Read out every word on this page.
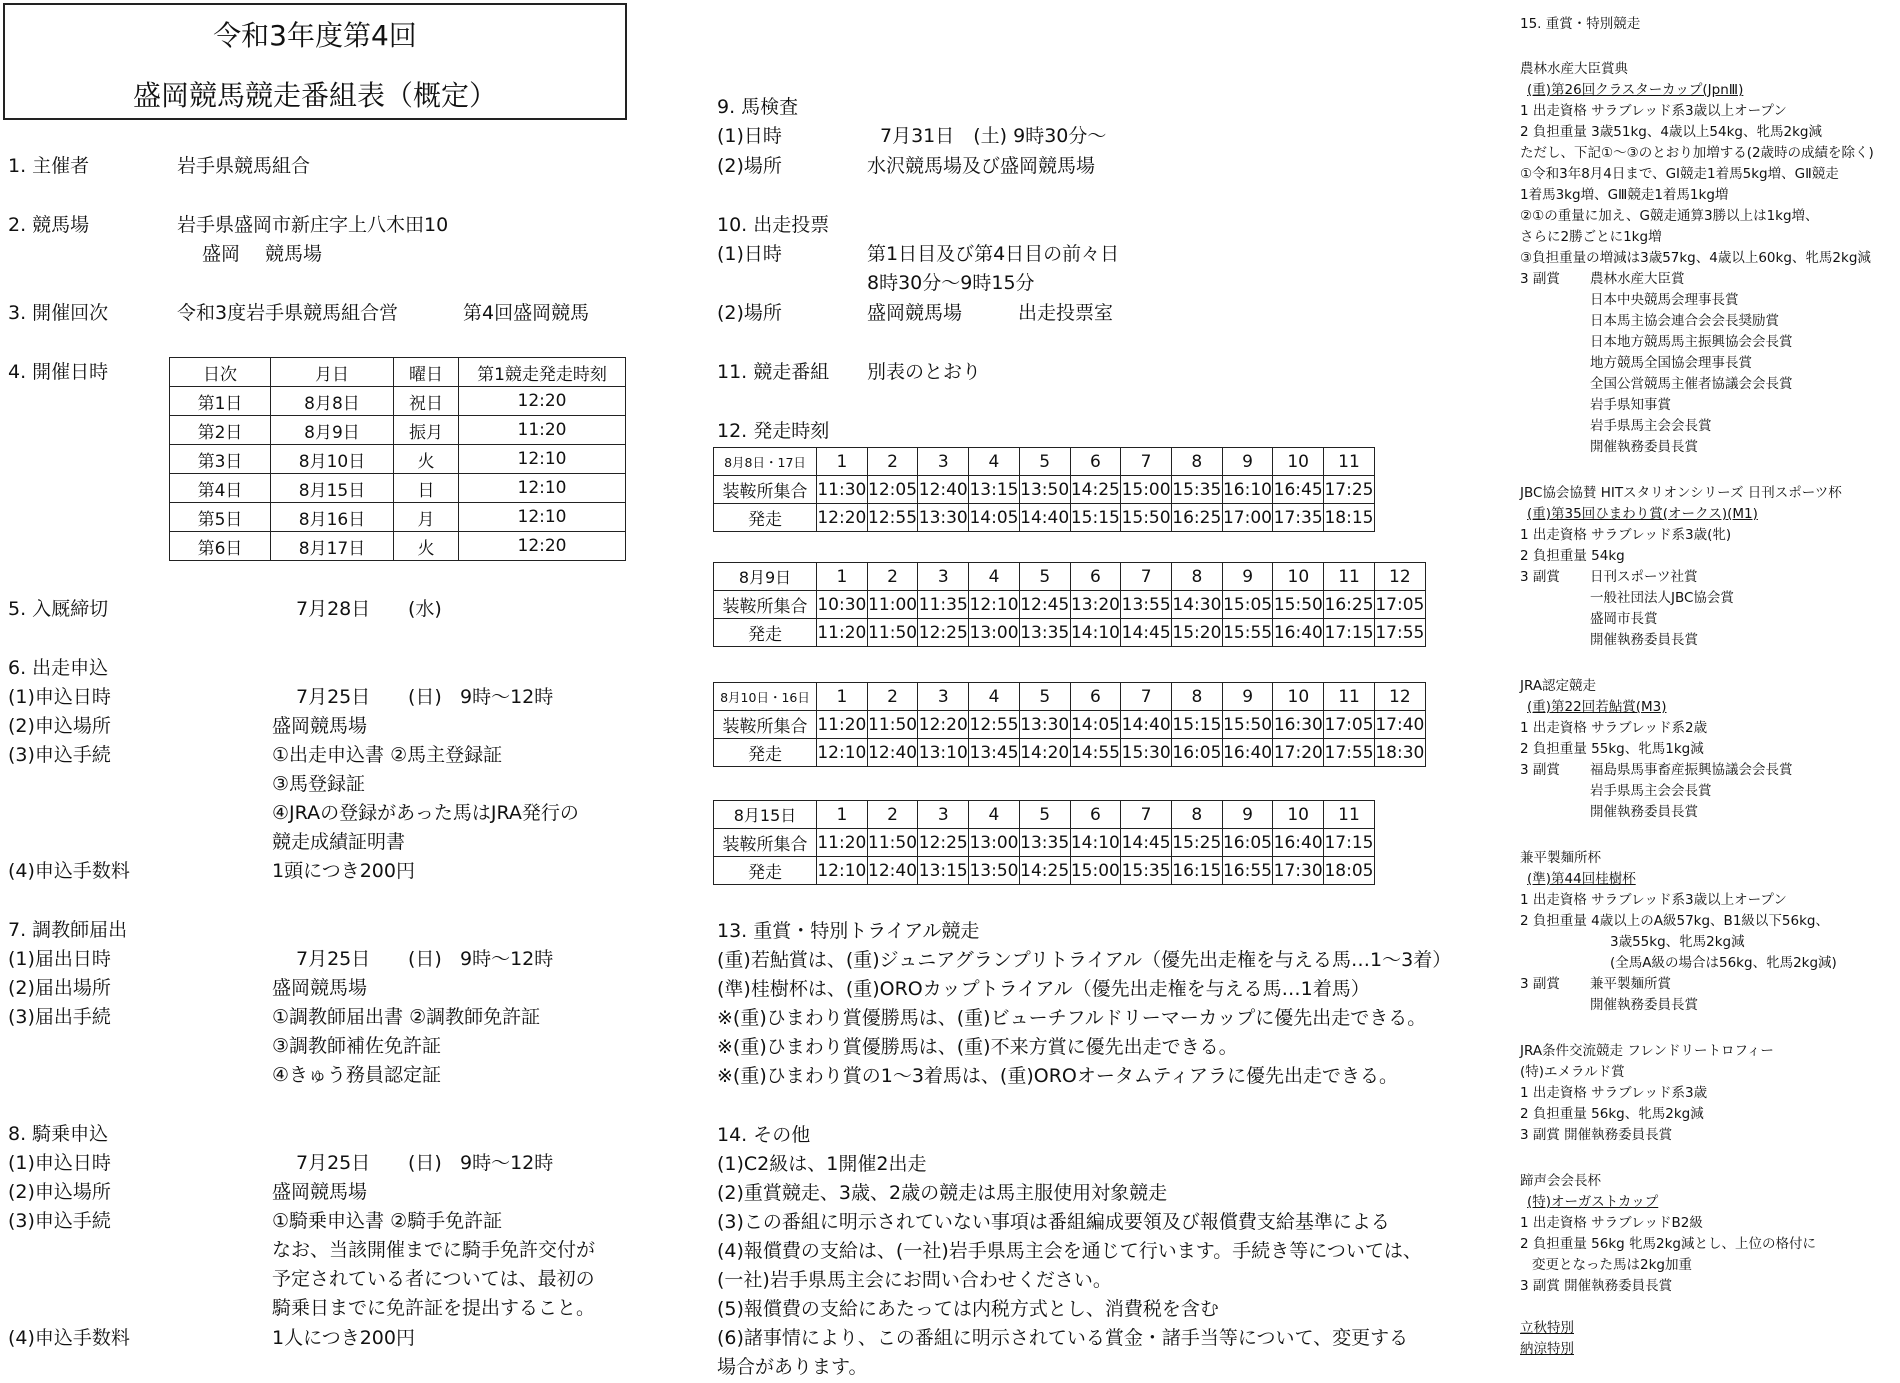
令和3年度第4回
盛岡競馬競走番組表（概定）
1. 主催者	岩手県競馬組合
2. 競馬場	岩手県盛岡市新庄字上八木田10
盛岡　 競馬場
3. 開催回次	令和3度岩手県競馬組合営	第4回盛岡競馬
4. 開催日時	日次	月日	曜日	第1競走発走時刻
第1日	8月8日	祝日	12:20
第2日	8月9日	振月	11:20
第3日	8月10日	火	12:10
第4日	8月15日	日	12:10
第5日	8月16日	月	12:10
第6日	8月17日	火	12:20
5. 入厩締切	7月28日 (水)
6. 出走申込
(1)申込日時	7月25日 (日) 9時～12時
(2)申込場所	盛岡競馬場
(3)申込手続	①出走申込書 ②馬主登録証
③馬登録証
④JRAの登録があった馬はJRA発行の
競走成績証明書
(4)申込手数料	1頭につき200円
7. 調教師届出
(1)届出日時	7月25日 (日) 9時～12時
(2)届出場所	盛岡競馬場
(3)届出手続	①調教師届出書 ②調教師免許証
③調教師補佐免許証
④きゅう務員認定証
8. 騎乗申込
(1)申込日時	7月25日 (日) 9時～12時
(2)申込場所	盛岡競馬場
(3)申込手続	①騎乗申込書 ②騎手免許証
なお、当該開催までに騎手免許交付が
予定されている者については、最初の
騎乗日までに免許証を提出すること。
(4)申込手数料	1人につき200円
9. 馬検査
(1)日時	7月31日　(土) 9時30分～
(2)場所	水沢競馬場及び盛岡競馬場
10. 出走投票
(1)日時	第1日目及び第4日目の前々日
8時30分～9時15分
(2)場所	盛岡競馬場	出走投票室
11. 競走番組 別表のとおり
12. 発走時刻
8月8日・17日	1	2	3	4	5	6	7	8	9	10	11
装鞍所集合	11:30	12:05	12:40	13:15	13:50	14:25	15:00	15:35	16:10	16:45	17:25
発走	12:20	12:55	13:30	14:05	14:40	15:15	15:50	16:25	17:00	17:35	18:15
8月9日	1	2	3	4	5	6	7	8	9	10	11	12
装鞍所集合	10:30	11:00	11:35	12:10	12:45	13:20	13:55	14:30	15:05	15:50	16:25	17:05
発走	11:20	11:50	12:25	13:00	13:35	14:10	14:45	15:20	15:55	16:40	17:15	17:55
8月10日・16日	1	2	3	4	5	6	7	8	9	10	11	12
装鞍所集合	11:20	11:50	12:20	12:55	13:30	14:05	14:40	15:15	15:50	16:30	17:05	17:40
発走	12:10	12:40	13:10	13:45	14:20	14:55	15:30	16:05	16:40	17:20	17:55	18:30
8月15日	1	2	3	4	5	6	7	8	9	10	11
装鞍所集合	11:20	11:50	12:25	13:00	13:35	14:10	14:45	15:25	16:05	16:40	17:15
発走	12:10	12:40	13:15	13:50	14:25	15:00	15:35	16:15	16:55	17:30	18:05
13. 重賞・特別トライアル競走
(重)若鮎賞は、(重)ジュニアグランプリトライアル（優先出走権を与える馬…1～3着）
(準)桂樹杯は、(重)OROカップトライアル（優先出走権を与える馬…1着馬）
※(重)ひまわり賞優勝馬は、(重)ビューチフルドリーマーカップに優先出走できる。
※(重)ひまわり賞優勝馬は、(重)不来方賞に優先出走できる。
※(重)ひまわり賞の1～3着馬は、(重)OROオータムティアラに優先出走できる。
14. その他
(1)C2級は、1開催2出走
(2)重賞競走、3歳、2歳の競走は馬主服使用対象競走
(3)この番組に明示されていない事項は番組編成要領及び報償費支給基準による
(4)報償費の支給は、(一社)岩手県馬主会を通じて行います。手続き等については、
(一社)岩手県馬主会にお問い合わせください。
(5)報償費の支給にあたっては内税方式とし、消費税を含む
(6)諸事情により、この番組に明示されている賞金・諸手当等について、変更する
場合があります。
15. 重賞・特別競走
農林水産大臣賞典
(重)第26回クラスターカップ(JpnⅢ)
1 出走資格 サラブレッド系3歳以上オープン
2 負担重量 3歳51kg、4歳以上54kg、牝馬2kg減
ただし、下記①～③のとおり加増する(2歳時の成績を除く)
①令和3年8月4日まで、GⅠ競走1着馬5kg増、GⅡ競走
1着馬3kg増、GⅢ競走1着馬1kg増
②①の重量に加え、G競走通算3勝以上は1kg増、
さらに2勝ごとに1kg増
③負担重量の増減は3歳57kg、4歳以上60kg、牝馬2kg減
3 副賞 農林水産大臣賞
日本中央競馬会理事長賞
日本馬主協会連合会会長奨励賞
日本地方競馬馬主振興協会会長賞
地方競馬全国協会理事長賞
全国公営競馬主催者協議会会長賞
岩手県知事賞
岩手県馬主会会長賞
開催執務委員長賞
JBC協会協賛 HITスタリオンシリーズ 日刊スポーツ杯
(重)第35回ひまわり賞(オークス)(M1)
1 出走資格 サラブレッド系3歳(牝)
2 負担重量 54kg
3 副賞 日刊スポーツ社賞
一般社団法人JBC協会賞
盛岡市長賞
開催執務委員長賞
JRA認定競走
(重)第22回若鮎賞(M3)
1 出走資格 サラブレッド系2歳
2 負担重量 55kg、牝馬1kg減
3 副賞 福島県馬事畜産振興協議会会長賞
岩手県馬主会会長賞
開催執務委員長賞
兼平製麺所杯
(準)第44回桂樹杯
1 出走資格 サラブレッド系3歳以上オープン
2 負担重量 4歳以上のA級57kg、B1級以下56kg、
3歳55kg、牝馬2kg減
(全馬A級の場合は56kg、牝馬2kg減)
3 副賞 兼平製麺所賞
開催執務委員長賞
JRA条件交流競走 フレンドリートロフィー
(特)エメラルド賞
1 出走資格 サラブレッド系3歳
2 負担重量 56kg、牝馬2kg減
3 副賞 開催執務委員長賞
蹄声会会長杯
(特)オーガストカップ
1 出走資格 サラブレッドB2級
2 負担重量 56kg 牝馬2kg減とし、上位の格付に
変更となった馬は2kg加重
3 副賞 開催執務委員長賞
立秋特別
納涼特別
